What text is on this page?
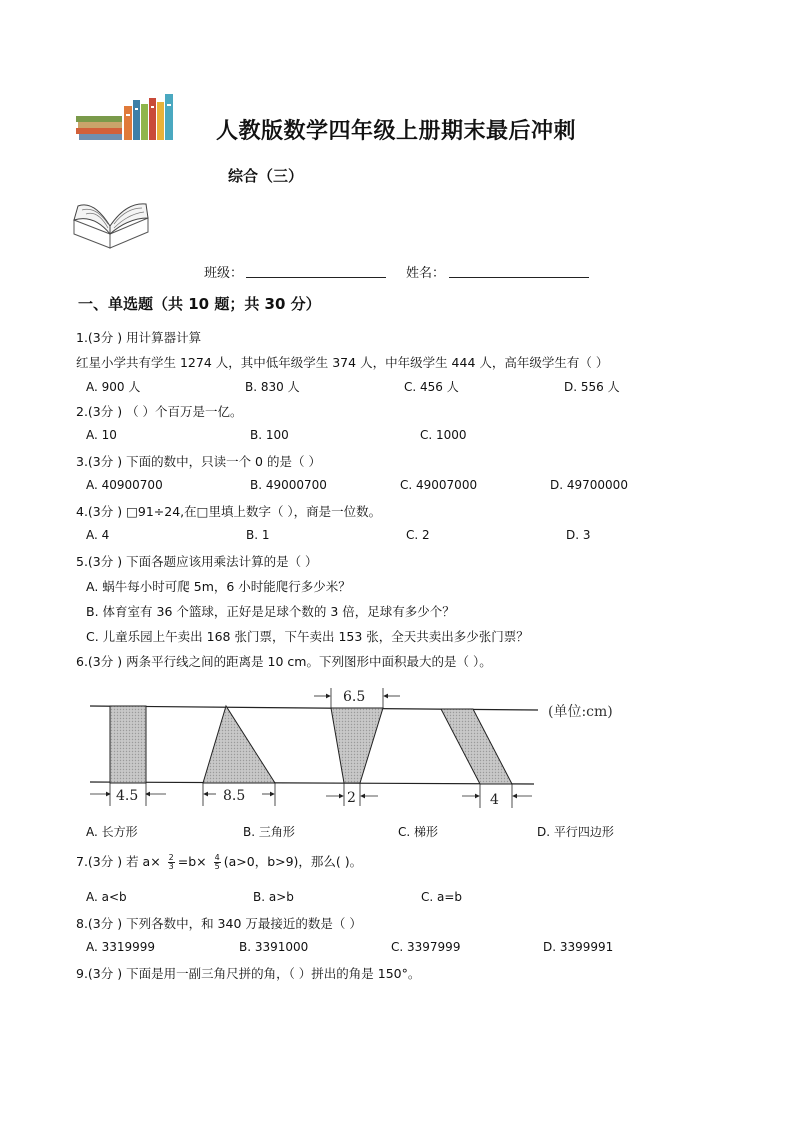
人教版数学四年级上册期末最后冲刺
综合（三）
班级：	姓名：
一、单选题（共 10 题；共 30 分）
1.(3分 ) 用计算器计算
红星小学共有学生 1274 人，其中低年级学生 374 人，中年级学生 444 人，高年级学生有（ ）
A. 900 人	B. 830 人	C. 456 人	D. 556 人
2.(3分 ) （ ）个百万是一亿。
A. 10	B. 100	C. 1000
3.(3分 ) 下面的数中，只读一个 0 的是（ ）
A. 40900700	B. 49000700	C. 49007000	D. 49700000
4.(3分 ) □91÷24,在□里填上数字（ ），商是一位数。
A. 4	B. 1	C. 2	D. 3
5.(3分 ) 下面各题应该用乘法计算的是（ ）
A. 蜗牛每小时可爬 5m，6 小时能爬行多少米？
B. 体育室有 36 个篮球，正好是足球个数的 3 倍，足球有多少个？
C. 儿童乐园上午卖出 168 张门票，下午卖出 153 张，全天共卖出多少张门票？
6.(3分 ) 两条平行线之间的距离是 10 cm。下列图形中面积最大的是（ ）。
4.5	8.5
6.5
2	4
(单位:cm)
A. 长方形	B. 三角形	C. 梯形	D. 平行四边形
7.(3分 ) 若 $a\times \frac{2}{3} =b\times \frac{4}{5} (a>0$，b>9)，那么( )。
A. a<b	B. a>b	C. a=b
8.(3分 ) 下列各数中，和 340 万最接近的数是（ ）
A. 3319999	B. 3391000	C. 3397999	D. 3399991
9.(3分 ) 下面是用一副三角尺拼的角，（ ）拼出的角是 150°。
